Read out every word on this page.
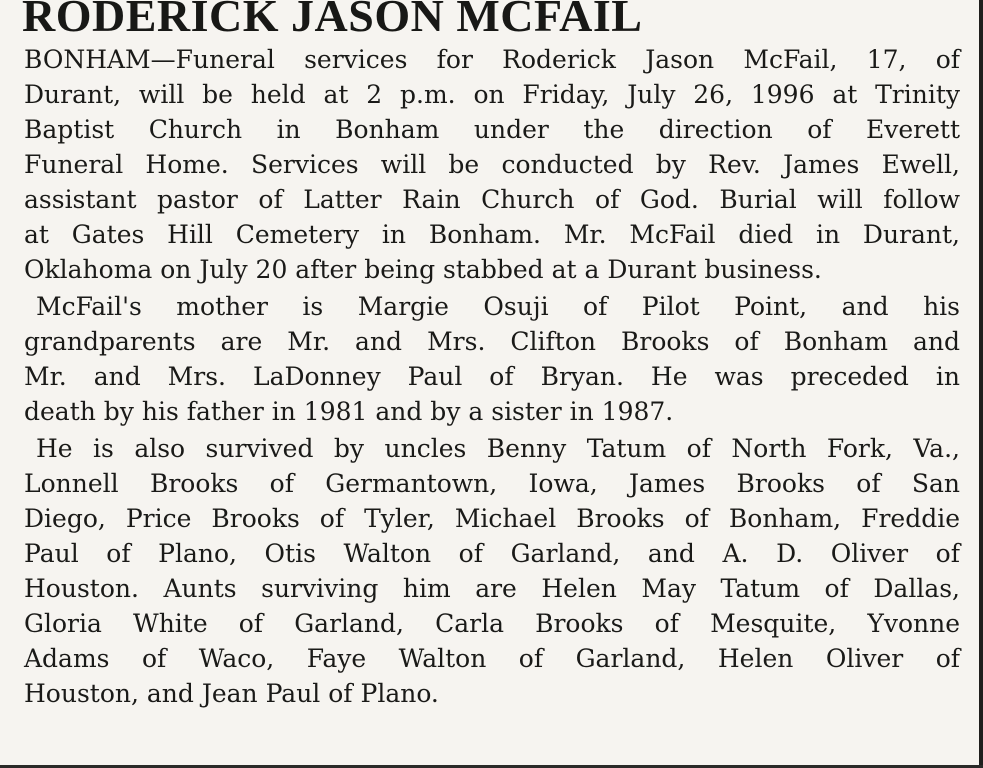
RODERICK JASON MCFAIL
BONHAM—Funeral services for Roderick Jason McFail, 17, of
Durant, will be held at 2 p.m. on Friday, July 26, 1996 at Trinity
Baptist Church in Bonham under the direction of Everett
Funeral Home. Services will be conducted by Rev. James Ewell,
assistant pastor of Latter Rain Church of God. Burial will follow
at Gates Hill Cemetery in Bonham. Mr. McFail died in Durant,
Oklahoma on July 20 after being stabbed at a Durant business.
McFail's mother is Margie Osuji of Pilot Point, and his
grandparents are Mr. and Mrs. Clifton Brooks of Bonham and
Mr. and Mrs. LaDonney Paul of Bryan. He was preceded in
death by his father in 1981 and by a sister in 1987.
He is also survived by uncles Benny Tatum of North Fork, Va.,
Lonnell Brooks of Germantown, Iowa, James Brooks of San
Diego, Price Brooks of Tyler, Michael Brooks of Bonham, Freddie
Paul of Plano, Otis Walton of Garland, and A. D. Oliver of
Houston. Aunts surviving him are Helen May Tatum of Dallas,
Gloria White of Garland, Carla Brooks of Mesquite, Yvonne
Adams of Waco, Faye Walton of Garland, Helen Oliver of
Houston, and Jean Paul of Plano.
